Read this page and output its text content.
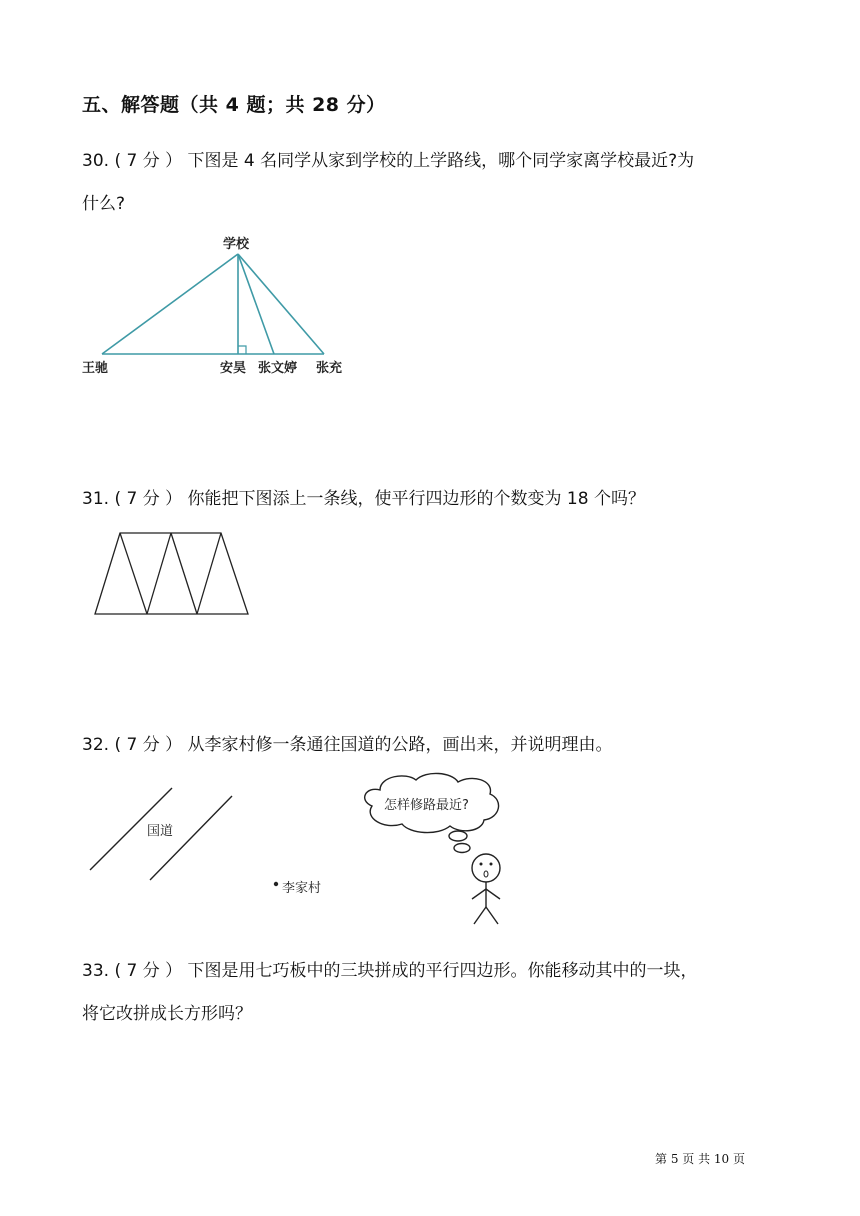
五、解答题（共 4 题；共 28 分）
30. ( 7 分 ） 下图是 4 名同学从家到学校的上学路线，哪个同学家离学校最近?为
什么?
学校
王驰	安昊 张文婷 张充
31. ( 7 分 ） 你能把下图添上一条线，使平行四边形的个数变为 18 个吗？
32. ( 7 分 ） 从李家村修一条通往国道的公路，画出来，并说明理由。
国道
李家村
怎样修路最近?
33. ( 7 分 ） 下图是用七巧板中的三块拼成的平行四边形。你能移动其中的一块，
将它改拼成长方形吗？
第 5 页 共 10 页
